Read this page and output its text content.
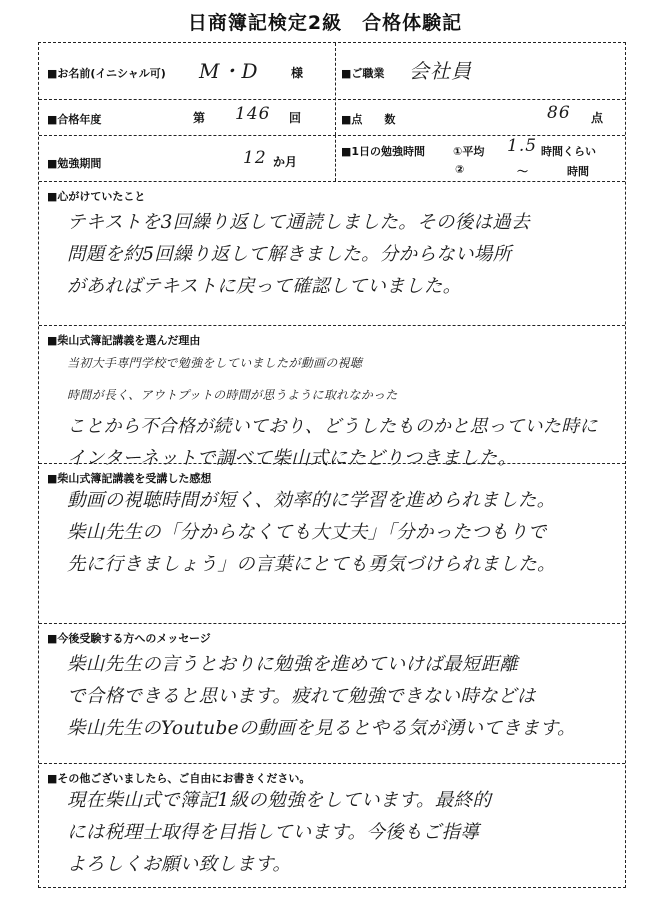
日商簿記検定2級　合格体験記
■お名前(イニシャル可) M・D	様	■ご職業 会社員
■合格年度	第 146 回	■点　　数	86 点
■勉強期間	12 か月
■1日の勉強時間	①平均 1.5 時間くらい
②	〜	時間
■心がけていたこと
テキストを3回繰り返して通読しました。その後は過去
問題を約5回繰り返して解きました。分からない場所
があればテキストに戻って確認していました。
■柴山式簿記講義を選んだ理由
当初大手専門学校で勉強をしていましたが動画の視聴
時間が長く、アウトプットの時間が思うように取れなかった
ことから不合格が続いており、どうしたものかと思っていた時に
インターネットで調べて柴山式にたどりつきました。
■柴山式簿記講義を受講した感想
動画の視聴時間が短く、効率的に学習を進められました。
柴山先生の「分からなくても大丈夫」「分かったつもりで
先に行きましょう」の言葉にとても勇気づけられました。
■今後受験する方へのメッセージ
柴山先生の言うとおりに勉強を進めていけば最短距離
で合格できると思います。疲れて勉強できない時などは
柴山先生のYoutubeの動画を見るとやる気が湧いてきます。
■その他ございましたら、ご自由にお書きください。
現在柴山式で簿記1級の勉強をしています。最終的
には税理士取得を目指しています。今後もご指導
よろしくお願い致します。
